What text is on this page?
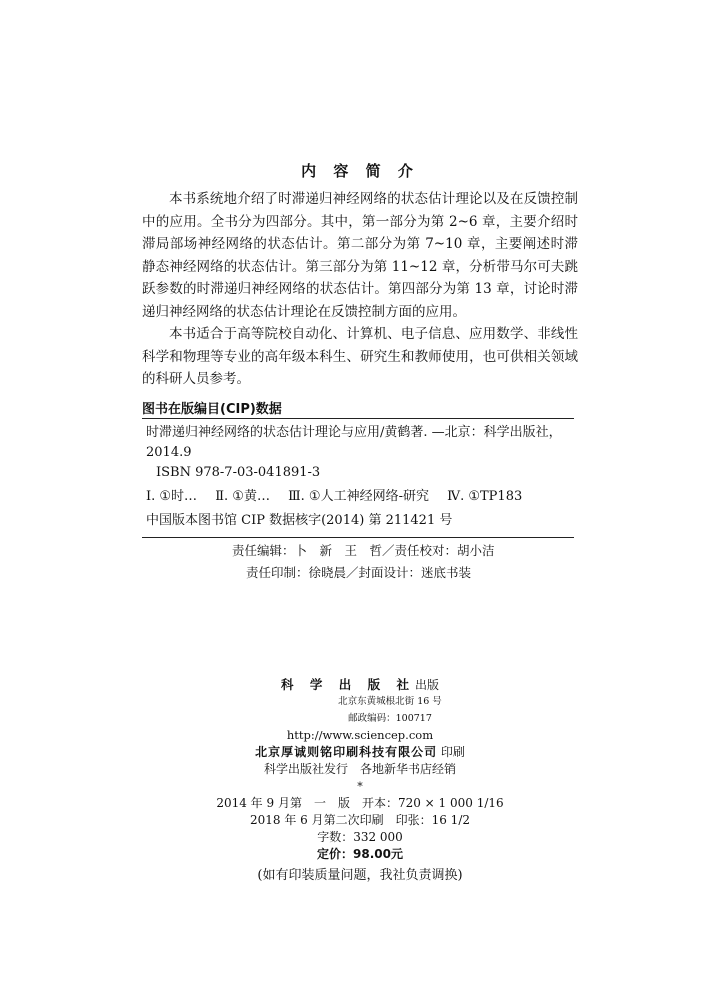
内 容 简 介

本书系统地介绍了时滞递归神经网络的状态估计理论以及在反馈控制中的应用。全书分为四部分。其中，第一部分为第 2~6 章，主要介绍时滞局部场神经网络的状态估计。第二部分为第 7~10 章，主要阐述时滞静态神经网络的状态估计。第三部分为第 11~12 章，分析带马尔可夫跳跃参数的时滞递归神经网络的状态估计。第四部分为第 13 章，讨论时滞递归神经网络的状态估计理论在反馈控制方面的应用。

本书适合于高等院校自动化、计算机、电子信息、应用数学、非线性科学和物理等专业的高年级本科生、研究生和教师使用，也可供相关领域的科研人员参考。

图书在版编目(CIP)数据
时滞递归神经网络的状态估计理论与应用/黄鹤著. —北京：科学出版社，
2014.9
ISBN 978-7-03-041891-3
Ⅰ. ①时… Ⅱ. ①黄… Ⅲ. ①人工神经网络-研究 Ⅳ. ①TP183
中国版本图书馆 CIP 数据核字(2014) 第 211421 号
责任编辑：卜　新　王　哲／责任校对：胡小洁
责任印制：徐晓晨／封面设计：迷底书装
科 学 出 版 社出版
北京东黄城根北街 16 号
邮政编码：100717
http://www.sciencep.com
北京厚诚则铭印刷科技有限公司 印刷
科学出版社发行　各地新华书店经销
*
2014 年 9 月第　一　版　开本：720 × 1 000 1/16
2018 年 6 月第二次印刷　印张：16 1/2
字数：332 000
定价：98.00元
(如有印装质量问题，我社负责调换)
